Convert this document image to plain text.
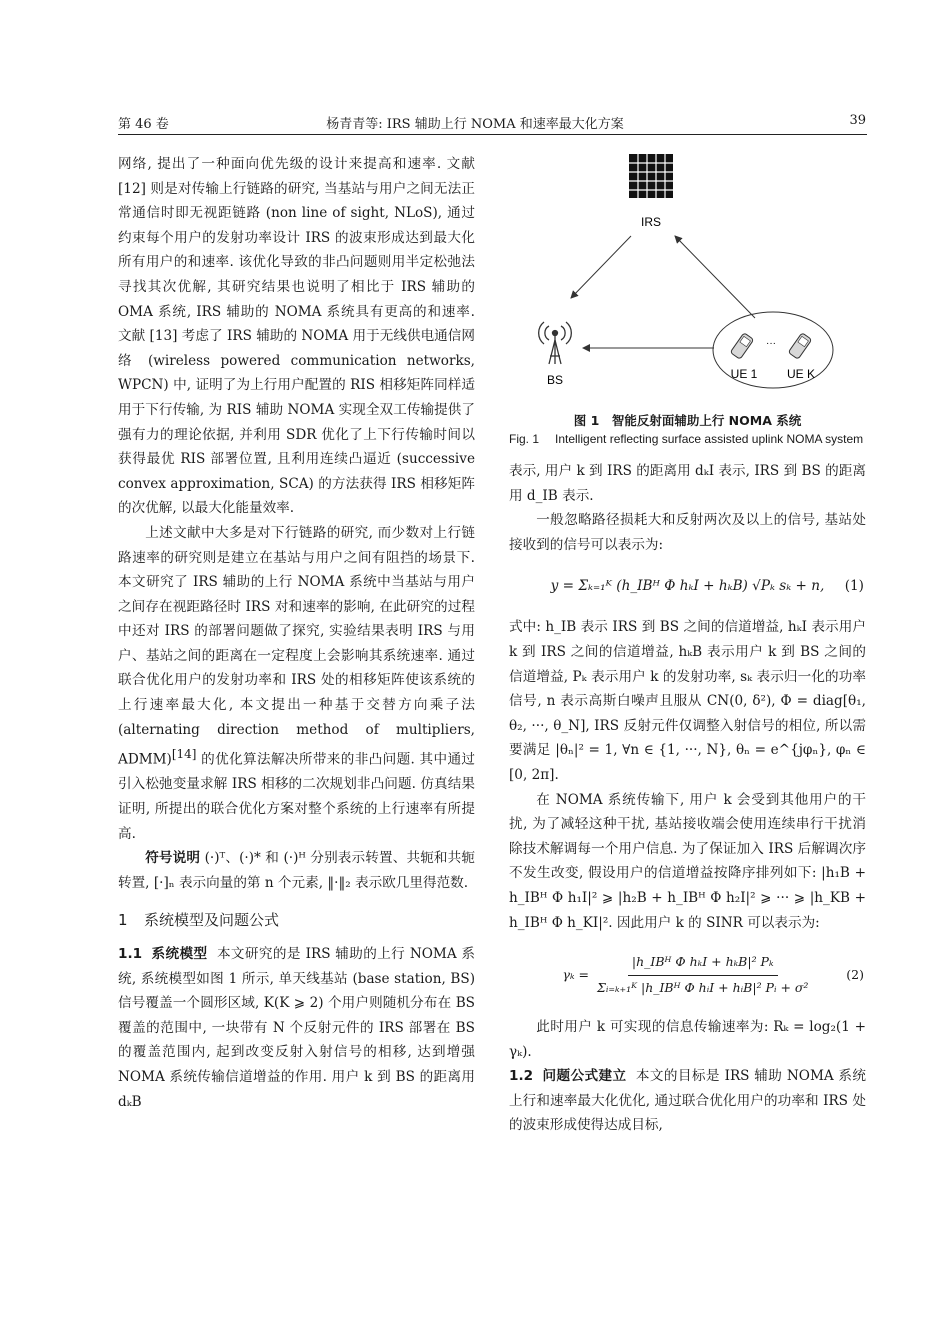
第 46 卷	杨青青等: IRS 辅助上行 NOMA 和速率最大化方案	39

网络, 提出了一种面向优先级的设计来提高和速率. 文献 [12] 则是对传输上行链路的研究, 当基站与用户之间无法正常通信时即无视距链路 (non line of sight, NLoS), 通过约束每个用户的发射功率设计 IRS 的波束形成达到最大化所有用户的和速率. 该优化导致的非凸问题则用半定松弛法寻找其次优解, 其研究结果也说明了相比于 IRS 辅助的 OMA 系统, IRS 辅助的 NOMA 系统具有更高的和速率. 文献 [13] 考虑了 IRS 辅助的 NOMA 用于无线供电通信网络 (wireless powered communication networks, WPCN) 中, 证明了为上行用户配置的 RIS 相移矩阵同样适用于下行传输, 为 RIS 辅助 NOMA 实现全双工传输提供了强有力的理论依据, 并利用 SDR 优化了上下行传输时间以获得最优 RIS 部署位置, 且利用连续凸逼近 (successive convex approximation, SCA) 的方法获得 IRS 相移矩阵的次优解, 以最大化能量效率.

上述文献中大多是对下行链路的研究, 而少数对上行链路速率的研究则是建立在基站与用户之间有阻挡的场景下. 本文研究了 IRS 辅助的上行 NOMA 系统中当基站与用户之间存在视距路径时 IRS 对和速率的影响, 在此研究的过程中还对 IRS 的部署问题做了探究, 实验结果表明 IRS 与用户、基站之间的距离在一定程度上会影响其系统速率. 通过联合优化用户的发射功率和 IRS 处的相移矩阵使该系统的上行速率最大化, 本文提出一种基于交替方向乘子法 (alternating direction method of multipliers, ADMM)[14] 的优化算法解决所带来的非凸问题. 其中通过引入松弛变量求解 IRS 相移的二次规划非凸问题. 仿真结果证明, 所提出的联合优化方案对整个系统的上行速率有所提高.

符号说明 (·)ᵀ、(·)* 和 (·)ᴴ 分别表示转置、共轭和共轭转置, [·]ₙ 表示向量的第 n 个元素, ‖·‖₂ 表示欧几里得范数.

1 系统模型及问题公式

1.1 系统模型 本文研究的是 IRS 辅助的上行 NOMA 系统, 系统模型如图 1 所示, 单天线基站 (base station, BS) 信号覆盖一个圆形区域, K(K ⩾ 2) 个用户则随机分布在 BS 覆盖的范围中, 一块带有 N 个反射元件的 IRS 部署在 BS 的覆盖范围内, 起到改变反射入射信号的相移, 达到增强 NOMA 系统传输信道增益的作用. 用户 k 到 BS 的距离用 dₖB

IRS
BS
···
UE 1 UE K
图 1　智能反射面辅助上行 NOMA 系统
Fig. 1	Intelligent reflecting surface assisted uplink NOMA system

表示, 用户 k 到 IRS 的距离用 dₖI 表示, IRS 到 BS 的距离用 d_IB 表示.

一般忽略路径损耗大和反射两次及以上的信号, 基站处接收到的信号可以表示为:

y = Σₖ₌₁ᴷ (h_IBᴴ Φ hₖI + hₖB) √Pₖ sₖ + n, (1)

式中: h_IB 表示 IRS 到 BS 之间的信道增益, hₖI 表示用户 k 到 IRS 之间的信道增益, hₖB 表示用户 k 到 BS 之间的信道增益, Pₖ 表示用户 k 的发射功率, sₖ 表示归一化的功率信号, n 表示高斯白噪声且服从 CN(0, δ²), Φ = diag[θ₁, θ₂, ···, θ_N], IRS 反射元件仅调整入射信号的相位, 所以需要满足 |θₙ|² = 1, ∀n ∈ {1, ···, N}, θₙ = e^{jφₙ}, φₙ ∈ [0, 2π].

在 NOMA 系统传输下, 用户 k 会受到其他用户的干扰, 为了减轻这种干扰, 基站接收端会使用连续串行干扰消除技术解调每一个用户信息. 为了保证加入 IRS 后解调次序不发生改变, 假设用户的信道增益按降序排列如下: |h₁B + h_IBᴴ Φ h₁I|² ⩾ |h₂B + h_IBᴴ Φ h₂I|² ⩾ ··· ⩾ |h_KB + h_IBᴴ Φ h_KI|². 因此用户 k 的 SINR 可以表示为:

γₖ =

|h_IBᴴ Φ hₖI + hₖB|² Pₖ
Σᵢ₌ₖ₊₁ᴷ |h_IBᴴ Φ hᵢI + hᵢB|² Pᵢ + σ²
(2)

此时用户 k 可实现的信息传输速率为: Rₖ = log₂(1 + γₖ).

1.2 问题公式建立 本文的目标是 IRS 辅助 NOMA 系统上行和速率最大化优化, 通过联合优化用户的功率和 IRS 处的波束形成使得达成目标,
